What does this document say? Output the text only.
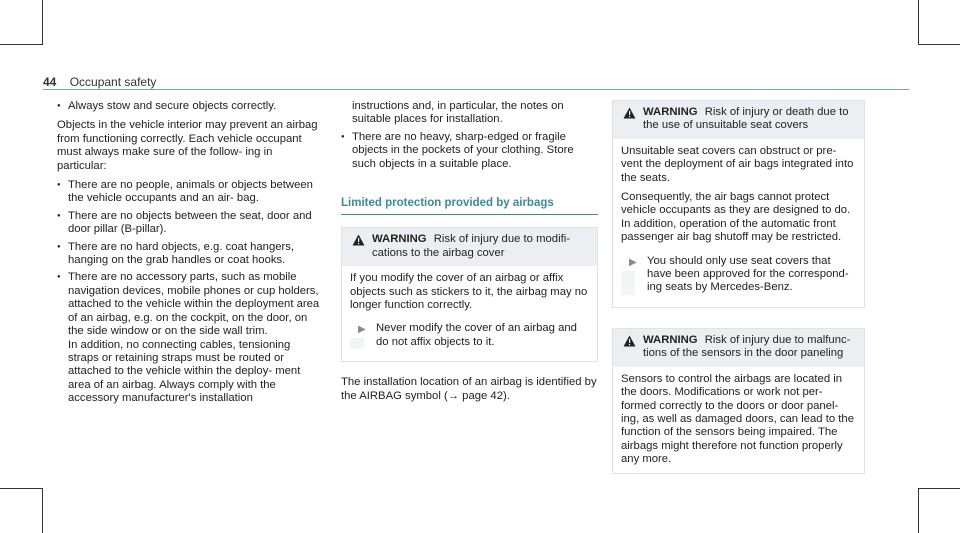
44 Occupant safety
● Always stow and secure objects correctly.

Objects in the vehicle interior may prevent an airbag from functioning correctly. Each vehicle occupant must always make sure of the follow- ing in particular:

● There are no people, animals or objects between the vehicle occupants and an air- bag.
● There are no objects between the seat, door and door pillar (B-pillar).
● There are no hard objects, e.g. coat hangers, hanging on the grab handles or coat hooks.
● There are no accessory parts, such as mobile navigation devices, mobile phones or cup holders, attached to the vehicle within the deployment area of an airbag, e.g. on the cockpit, on the door, on the side window or on the side wall trim.

In addition, no connecting cables, tensioning straps or retaining straps must be routed or attached to the vehicle within the deploy- ment area of an airbag. Always comply with the accessory manufacturer's installation

instructions and, in particular, the notes on suitable places for installation.

● There are no heavy, sharp-edged or fragile objects in the pockets of your clothing. Store such objects in a suitable place.
Limited protection provided by airbags
WARNING Risk of injury due to modifi- cations to the airbag cover

If you modify the cover of an airbag or affix objects such as stickers to it, the airbag may no longer function correctly.

▶ Never modify the cover of an airbag and do not affix objects to it.

The installation location of an airbag is identified by the AIRBAG symbol (→ page 42).

WARNING Risk of injury or death due to the use of unsuitable seat covers

Unsuitable seat covers can obstruct or pre- vent the deployment of air bags integrated into the seats.

Consequently, the air bags cannot protect vehicle occupants as they are designed to do. In addition, operation of the automatic front passenger air bag shutoff may be restricted.

▶ You should only use seat covers that have been approved for the correspond- ing seats by Mercedes-Benz.
WARNING Risk of injury due to malfunc- tions of the sensors in the door paneling

Sensors to control the airbags are located in the doors. Modifications or work not per- formed correctly to the doors or door panel- ing, as well as damaged doors, can lead to the function of the sensors being impaired. The airbags might therefore not function properly any more.
